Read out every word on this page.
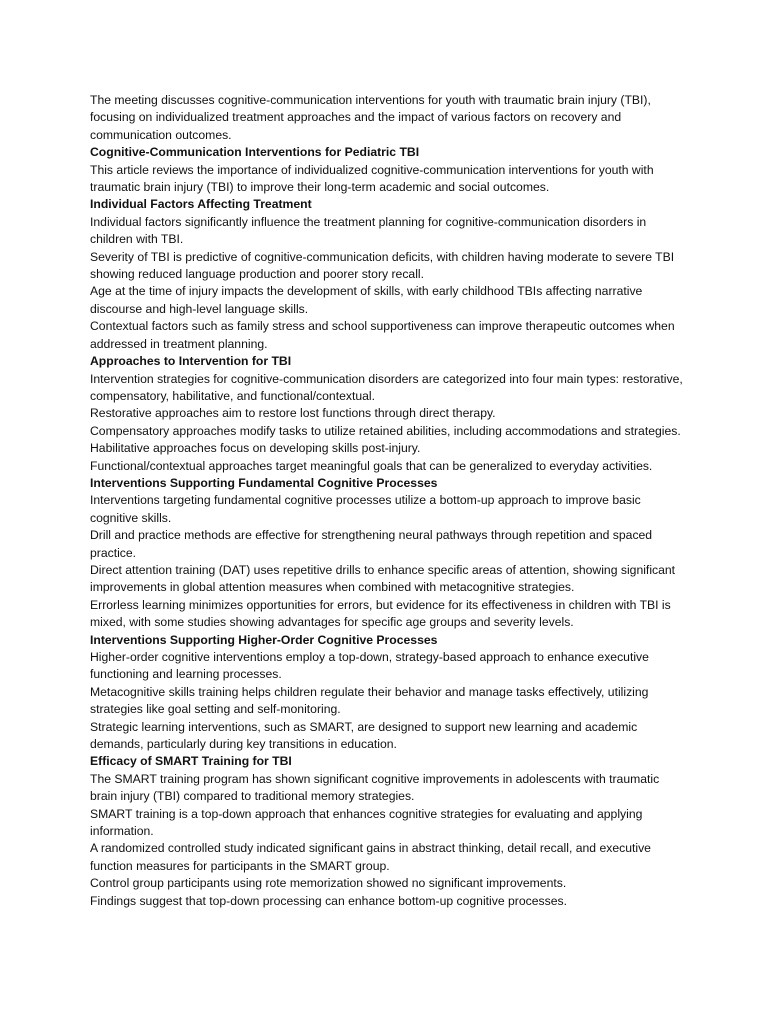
The meeting discusses cognitive-communication interventions for youth with traumatic brain injury (TBI), focusing on individualized treatment approaches and the impact of various factors on recovery and communication outcomes.

Cognitive-Communication Interventions for Pediatric TBI

This article reviews the importance of individualized cognitive-communication interventions for youth with traumatic brain injury (TBI) to improve their long-term academic and social outcomes.

Individual Factors Affecting Treatment

Individual factors significantly influence the treatment planning for cognitive-communication disorders in children with TBI.

Severity of TBI is predictive of cognitive-communication deficits, with children having moderate to severe TBI showing reduced language production and poorer story recall.

Age at the time of injury impacts the development of skills, with early childhood TBIs affecting narrative discourse and high-level language skills.

Contextual factors such as family stress and school supportiveness can improve therapeutic outcomes when addressed in treatment planning.

Approaches to Intervention for TBI

Intervention strategies for cognitive-communication disorders are categorized into four main types: restorative, compensatory, habilitative, and functional/contextual.

Restorative approaches aim to restore lost functions through direct therapy.

Compensatory approaches modify tasks to utilize retained abilities, including accommodations and strategies.

Habilitative approaches focus on developing skills post-injury.

Functional/contextual approaches target meaningful goals that can be generalized to everyday activities.

Interventions Supporting Fundamental Cognitive Processes

Interventions targeting fundamental cognitive processes utilize a bottom-up approach to improve basic cognitive skills.

Drill and practice methods are effective for strengthening neural pathways through repetition and spaced practice.

Direct attention training (DAT) uses repetitive drills to enhance specific areas of attention, showing significant improvements in global attention measures when combined with metacognitive strategies.

Errorless learning minimizes opportunities for errors, but evidence for its effectiveness in children with TBI is mixed, with some studies showing advantages for specific age groups and severity levels.

Interventions Supporting Higher-Order Cognitive Processes

Higher-order cognitive interventions employ a top-down, strategy-based approach to enhance executive functioning and learning processes.

Metacognitive skills training helps children regulate their behavior and manage tasks effectively, utilizing strategies like goal setting and self-monitoring.

Strategic learning interventions, such as SMART, are designed to support new learning and academic demands, particularly during key transitions in education.

Efficacy of SMART Training for TBI

The SMART training program has shown significant cognitive improvements in adolescents with traumatic brain injury (TBI) compared to traditional memory strategies.

SMART training is a top-down approach that enhances cognitive strategies for evaluating and applying information.

A randomized controlled study indicated significant gains in abstract thinking, detail recall, and executive function measures for participants in the SMART group.

Control group participants using rote memorization showed no significant improvements.

Findings suggest that top-down processing can enhance bottom-up cognitive processes.
